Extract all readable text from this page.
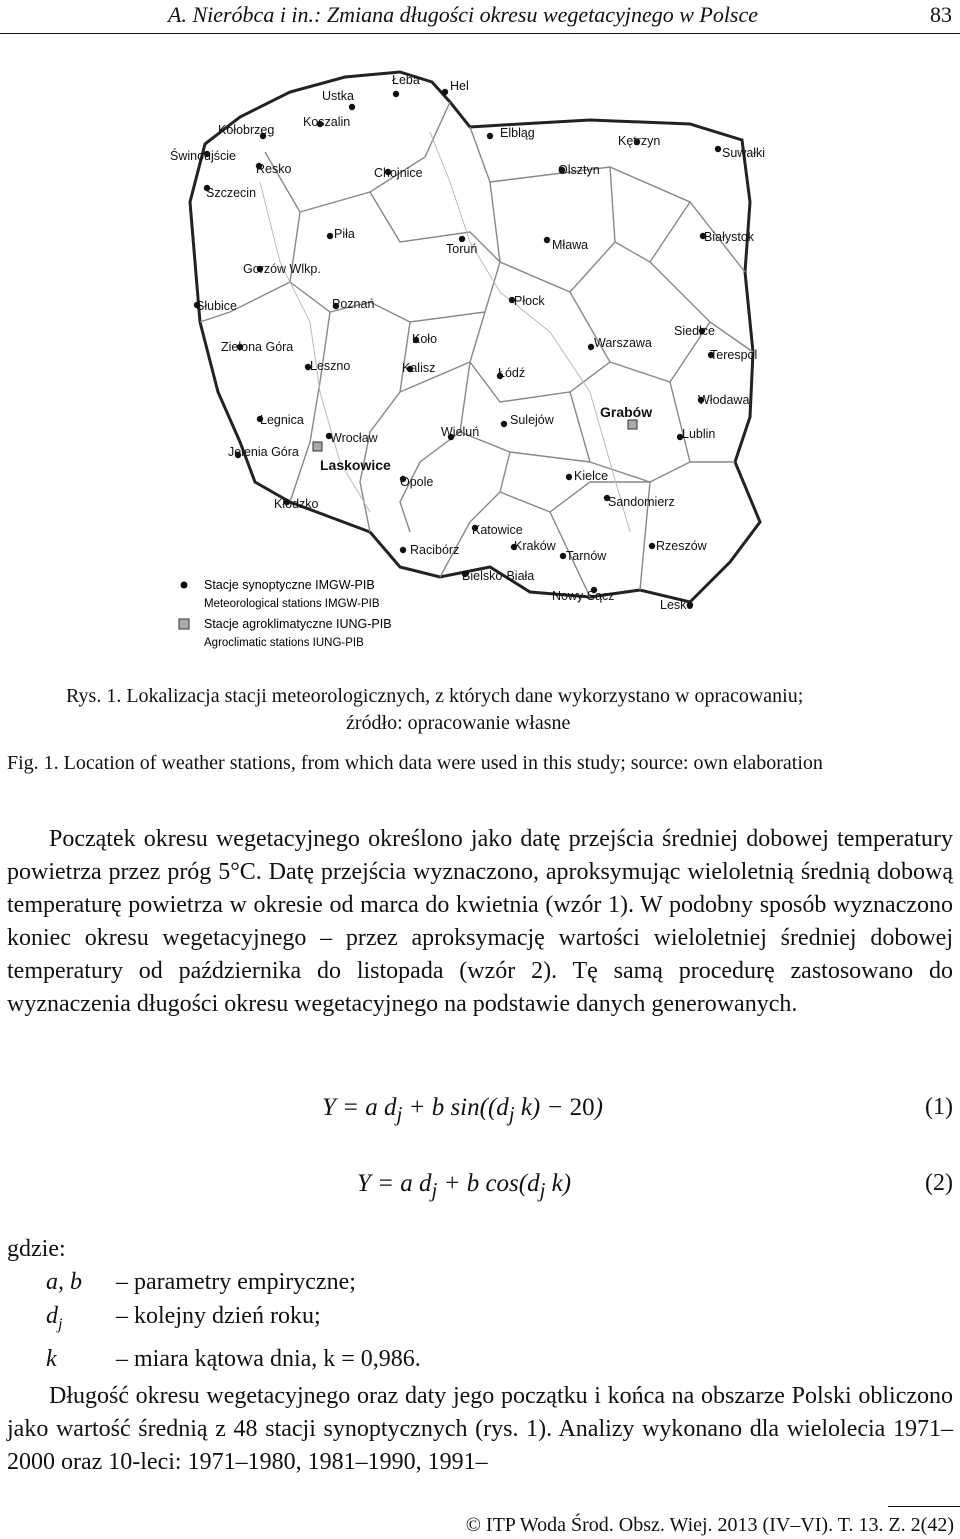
A. Nieróbca i in.: Zmiana długości okresu wegetacyjnego w Polsce	83
Łeba Hel
Ustka
Koszalin
Kołobrzeg
Świnoujście
Resko
Elbląg
Kętrzyn
Suwałki
Chojnice	Olsztyn
Szczecin
Piła
Toruń	Mława
Białystok
Gorzów Wlkp.
Słubice	Poznań	Płock
Koło	Warszawa
Siedlce
Terespol
Zielona Góra
Leszno	Kalisz	Łódź
Włodawa
Legnica	Grabów
Sulejów
Wieluń	Lublin
Wrocław
Jelenia Góra
Laskowice
Kielce
Opole
Kłodzko	Sandomierz
Katowice
Kraków	Rzeszów
Racibórz	Tarnów
Bielsko-Biała
Nowy Sącz
Lesko
Stacje synoptyczne IMGW-PIB
Meteorological stations IMGW-PIB
Stacje agroklimatyczne IUNG-PIB
Agroclimatic stations IUNG-PIB
Rys. 1. Lokalizacja stacji meteorologicznych, z których dane wykorzystano w opracowaniu;
źródło: opracowanie własne
Fig. 1. Location of weather stations, from which data were used in this study; source: own elaboration

Początek okresu wegetacyjnego określono jako datę przejścia średniej dobowej temperatury powietrza przez próg 5°C. Datę przejścia wyznaczono, aproksymując wieloletnią średnią dobową temperaturę powietrza w okresie od marca do kwietnia (wzór 1). W podobny sposób wyznaczono koniec okresu wegetacyjnego – przez aproksymację wartości wieloletniej średniej dobowej temperatury od października do listopada (wzór 2). Tę samą procedurę zastosowano do wyznaczenia długości okresu wegetacyjnego na podstawie danych generowanych.

Y = a $d_j + b$ $\sin((d_j$ k) − 20)	(1)
Y = a $d_j + b$ $\cos(d_j$ k)	(2)
gdzie:
a, b – parametry empiryczne;
$d_j$ – kolejny dzień roku;
k – miara kątowa dnia, k = 0,986.

Długość okresu wegetacyjnego oraz daty jego początku i końca na obszarze Polski obliczono jako wartość średnią z 48 stacji synoptycznych (rys. 1). Analizy wykonano dla wielolecia 1971–2000 oraz 10-leci: 1971–1980, 1981–1990, 1991–

© ITP Woda Środ. Obsz. Wiej. 2013 (IV–VI). T. 13. Z. 2(42)
